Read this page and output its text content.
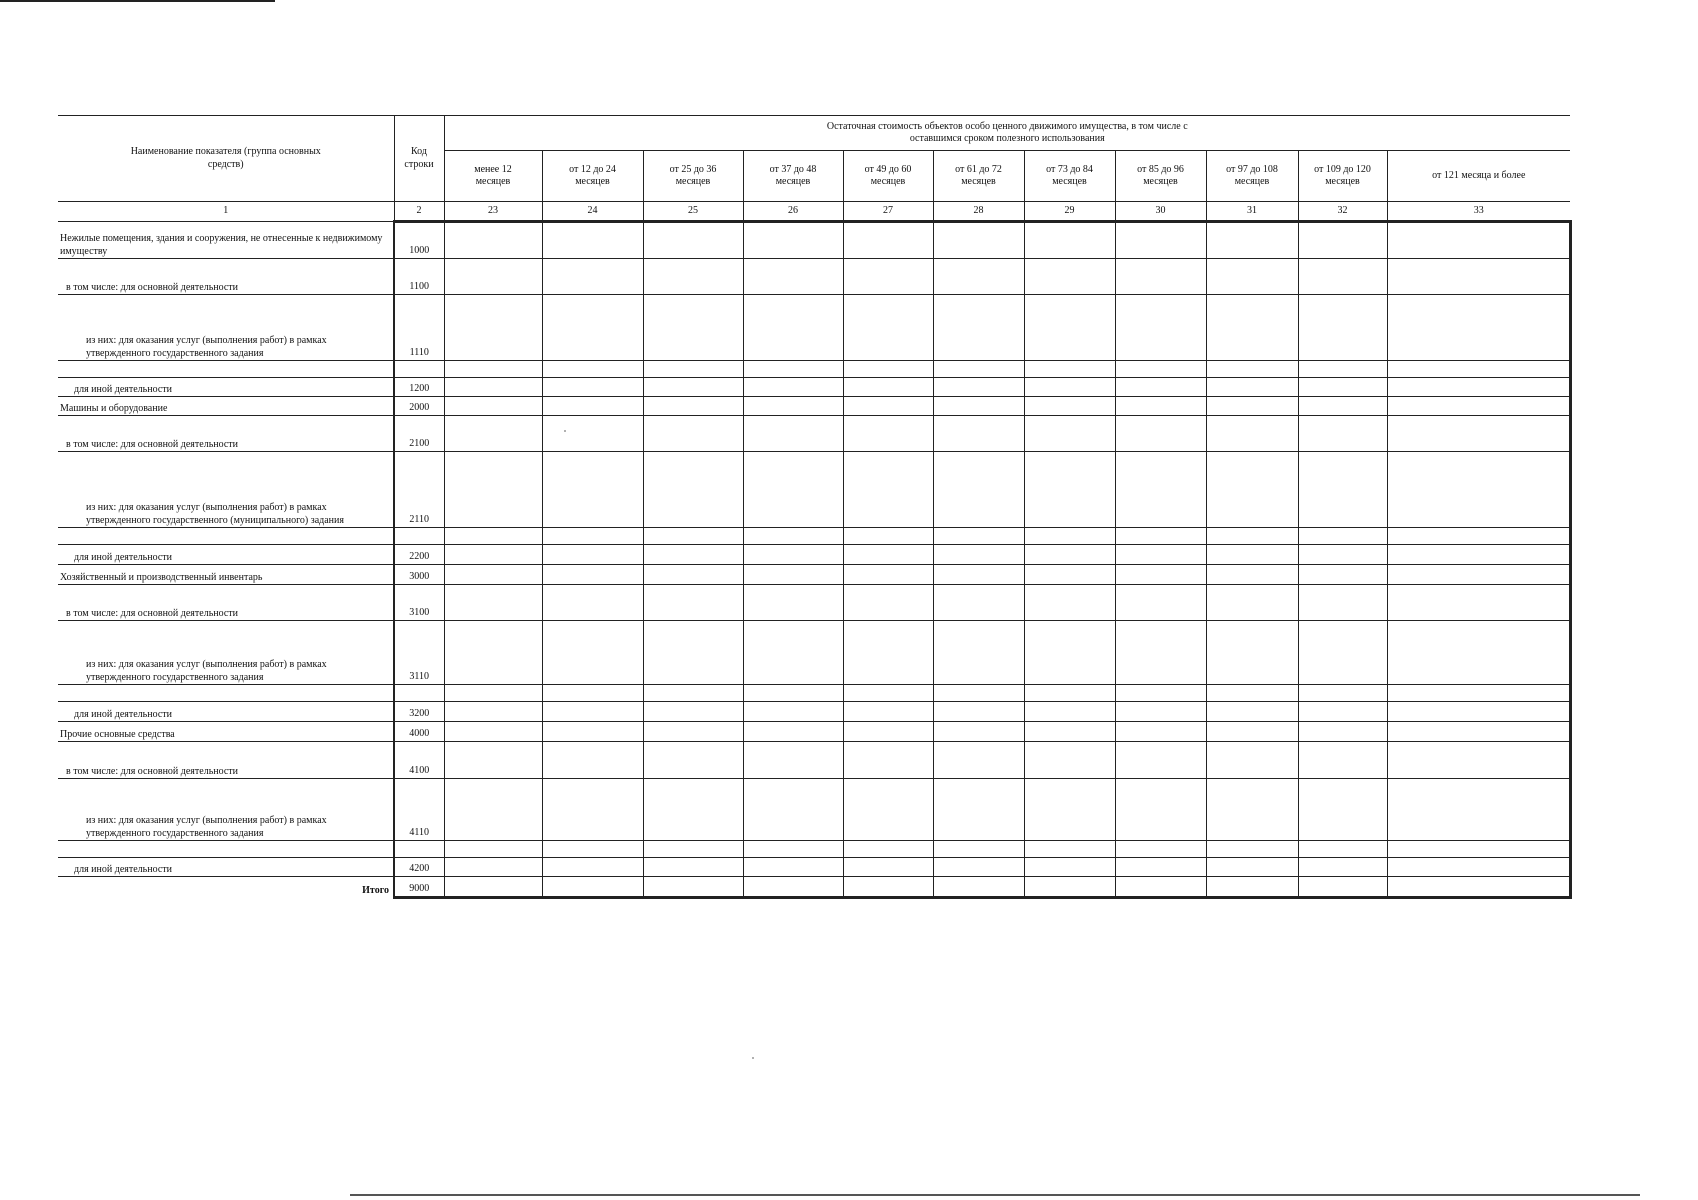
Наименование показателя (группа основных средств)	Код строки	Остаточная стоимость объектов особо ценного движимого имущества, в том числе с оставшимся сроком полезного использования										
		менее 12 месяцев	от 12 до 24 месяцев	от 25 до 36 месяцев	от 37 до 48 месяцев	от 49 до 60 месяцев	от 61 до 72 месяцев	от 73 до 84 месяцев	от 85 до 96 месяцев	от 97 до 108 месяцев	от 109 до 120 месяцев	от 121 месяца и более
1	2	23	24	25	26	27	28	29	30	31	32	33
Нежилые помещения, здания и сооружения, не отнесенные к недвижимому имуществу	1000											
в том числе: для основной деятельности	1100											
из них: для оказания услуг (выполнения работ) в рамках утвержденного государственного задания	1110											

для иной деятельности	1200											
Машины и оборудование	2000											
в том числе: для основной деятельности	2100											
из них: для оказания услуг (выполнения работ) в рамках утвержденного государственного (муниципального) задания	2110											

для иной деятельности	2200											
Хозяйственный и производственный инвентарь	3000											
в том числе: для основной деятельности	3100											
из них: для оказания услуг (выполнения работ) в рамках утвержденного государственного задания	3110											

для иной деятельности	3200											
Прочие основные средства	4000											
в том числе: для основной деятельности	4100											
из них: для оказания услуг (выполнения работ) в рамках утвержденного государственного задания	4110											

для иной деятельности	4200											
Итого	9000											
